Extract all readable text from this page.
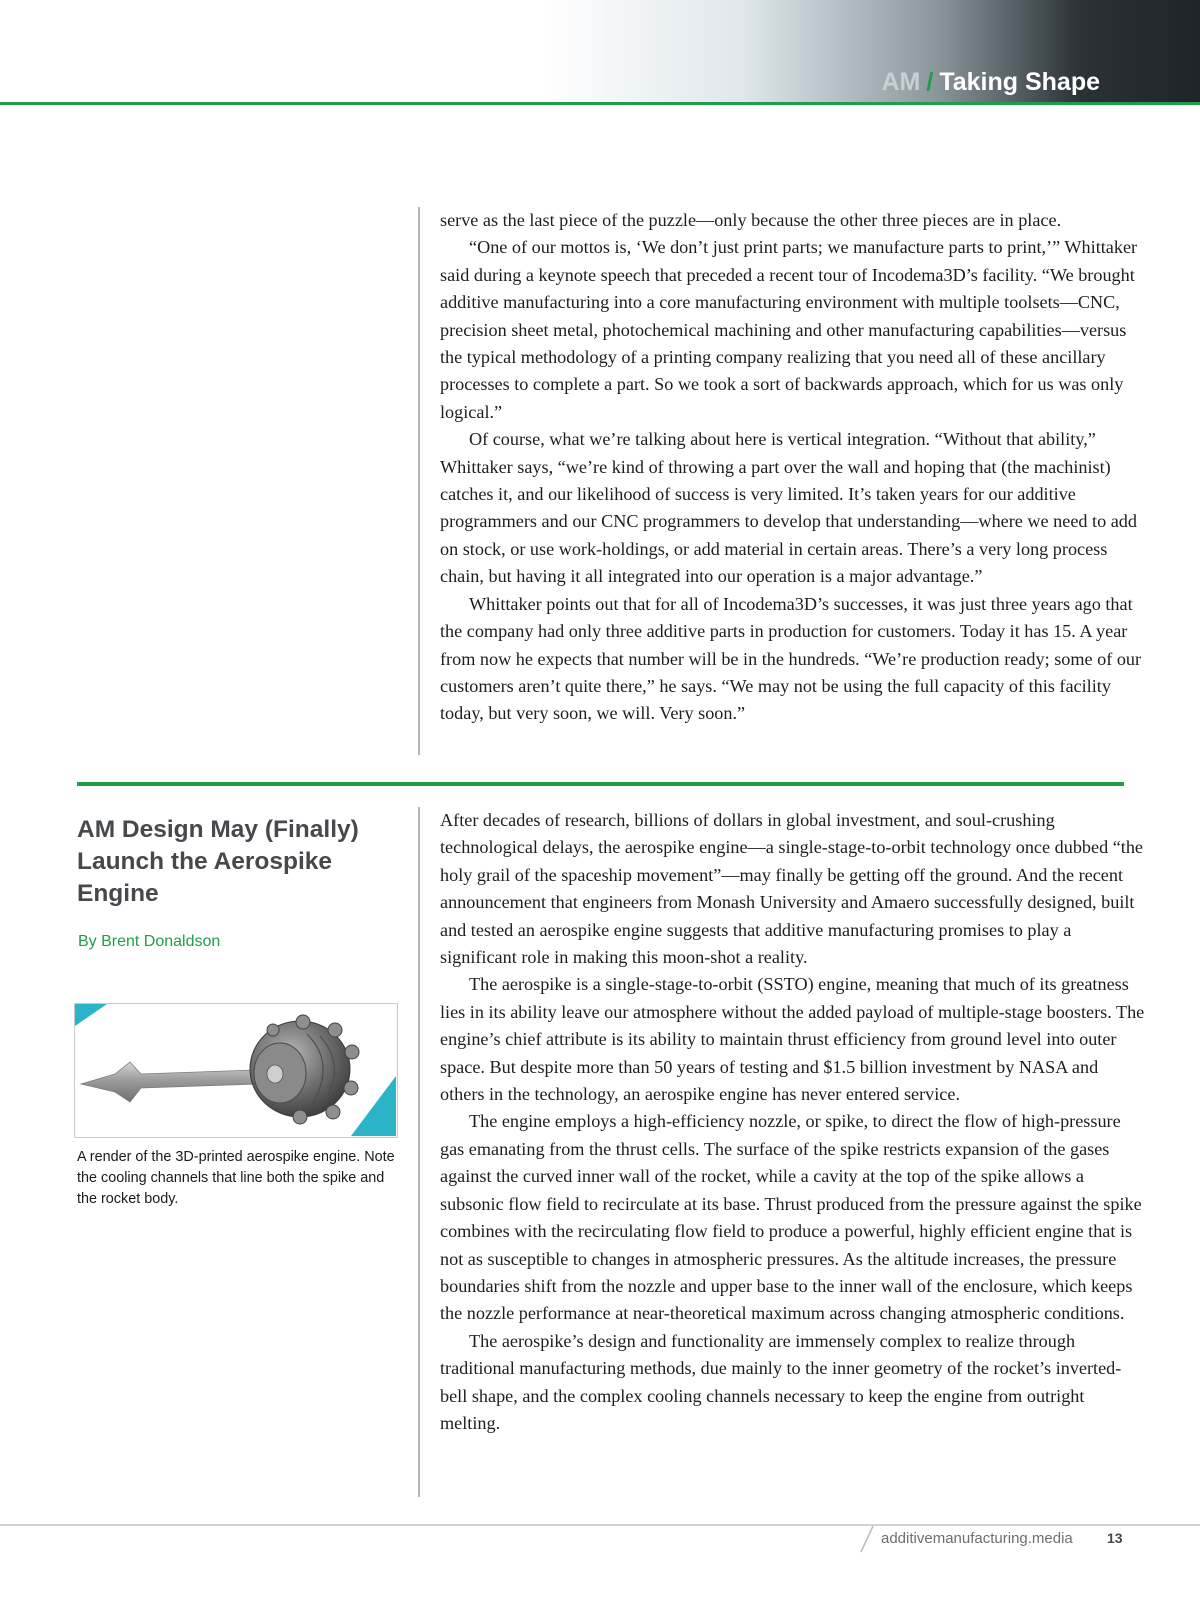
AM / Taking Shape

serve as the last piece of the puzzle—only because the other three pieces are in place.

“One of our mottos is, ‘We don’t just print parts; we manufacture parts to print,’” Whittaker said during a keynote speech that preceded a recent tour of Incodema3D’s facility. “We brought additive manufacturing into a core manufacturing environment with multiple toolsets—CNC, precision sheet metal, photochemical machining and other manufacturing capabilities—versus the typical methodology of a printing company realizing that you need all of these ancillary processes to complete a part. So we took a sort of backwards approach, which for us was only logical.”

Of course, what we’re talking about here is vertical integration. “Without that ability,” Whittaker says, “we’re kind of throwing a part over the wall and hoping that (the machinist) catches it, and our likelihood of success is very limited. It’s taken years for our additive programmers and our CNC programmers to develop that understanding—where we need to add on stock, or use work-holdings, or add material in certain areas. There’s a very long process chain, but having it all integrated into our operation is a major advantage.”

Whittaker points out that for all of Incodema3D’s successes, it was just three years ago that the company had only three additive parts in production for customers. Today it has 15. A year from now he expects that number will be in the hundreds. “We’re production ready; some of our customers aren’t quite there,” he says. “We may not be using the full capacity of this facility today, but very soon, we will. Very soon.”

AM Design May (Finally) Launch the Aerospike Engine
By Brent Donaldson
A render of the 3D-printed aerospike engine. Note the cooling channels that line both the spike and the rocket body.

After decades of research, billions of dollars in global investment, and soul-crushing technological delays, the aerospike engine—a single-stage-to-orbit technology once dubbed “the holy grail of the spaceship movement”—may finally be getting off the ground. And the recent announcement that engineers from Monash University and Amaero successfully designed, built and tested an aerospike engine suggests that additive manufacturing promises to play a significant role in making this moon-shot a reality.

The aerospike is a single-stage-to-orbit (SSTO) engine, meaning that much of its greatness lies in its ability leave our atmosphere without the added payload of multiple-stage boosters. The engine’s chief attribute is its ability to maintain thrust efficiency from ground level into outer space. But despite more than 50 years of testing and $1.5 billion investment by NASA and others in the technology, an aerospike engine has never entered service.

The engine employs a high-efficiency nozzle, or spike, to direct the flow of high-pressure gas emanating from the thrust cells. The surface of the spike restricts expansion of the gases against the curved inner wall of the rocket, while a cavity at the top of the spike allows a subsonic flow field to recirculate at its base. Thrust produced from the pressure against the spike combines with the recirculating flow field to produce a powerful, highly efficient engine that is not as susceptible to changes in atmospheric pressures. As the altitude increases, the pressure boundaries shift from the nozzle and upper base to the inner wall of the enclosure, which keeps the nozzle performance at near-theoretical maximum across changing atmospheric conditions.

The aerospike’s design and functionality are immensely complex to realize through traditional manufacturing methods, due mainly to the inner geometry of the rocket’s inverted-bell shape, and the complex cooling channels necessary to keep the engine from outright melting.

additivemanufacturing.media 13
